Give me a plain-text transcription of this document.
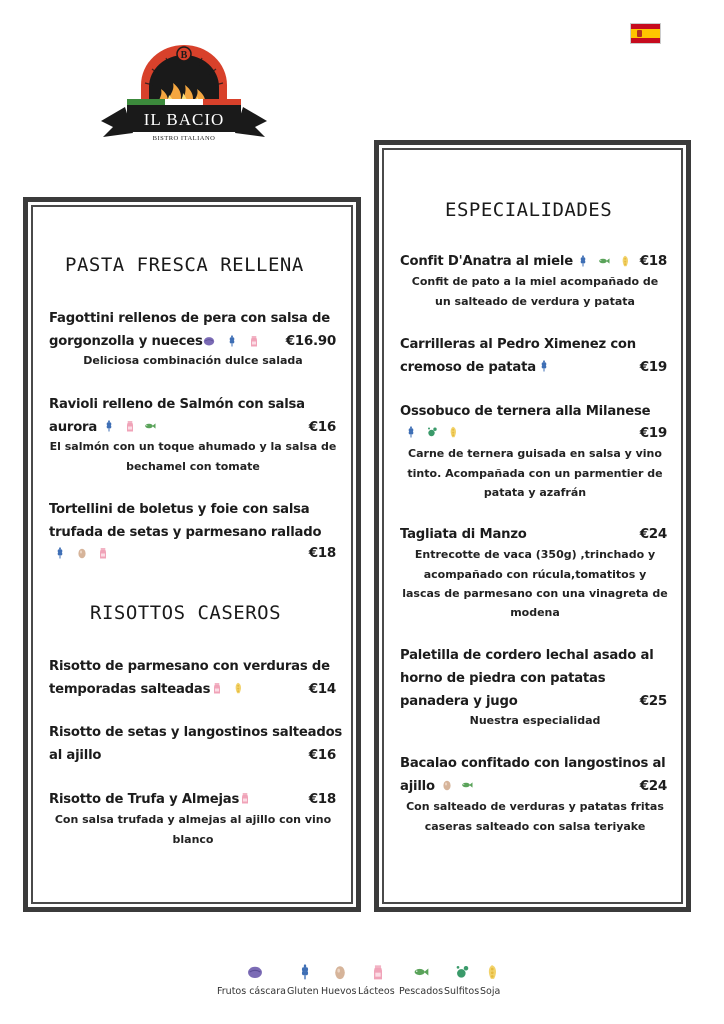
B
IL BACIO
BISTRO ITALIANO
PASTA FRESCA RELLENA
Fagottini rellenos de pera con salsa de
gorgonzolla y nueces	€16.90
Deliciosa combinación dulce salada
Ravioli relleno de Salmón con salsa
aurora	€16
El salmón con un toque ahumado y la salsa de
bechamel con tomate
Tortellini de boletus y foie con salsa
trufada de setas y parmesano rallado
€18
RISOTTOS CASEROS
Risotto de parmesano con verduras de
temporadas salteadas	€14
Risotto de setas y langostinos salteados
al ajillo	€16
Risotto de Trufa y Almejas	€18
Con salsa trufada y almejas al ajillo con vino
blanco
ESPECIALIDADES
Confit D'Anatra al miele	€18
Confit de pato a la miel acompañado de
un salteado de verdura y patata
Carrilleras al Pedro Ximenez con
cremoso de patata	€19
Ossobuco de ternera alla Milanese
€19
Carne de ternera guisada en salsa y vino
tinto. Acompañada con un parmentier de
patata y azafrán
Tagliata di Manzo	€24
Entrecotte de vaca (350g) ,trinchado y
acompañado con rúcula,tomatitos y
lascas de parmesano con una vinagreta de
modena
Paletilla de cordero lechal asado al
horno de piedra con patatas
panadera y jugo	€25
Nuestra especialidad
Bacalao confitado con langostinos al
ajillo	€24
Con salteado de verduras y patatas fritas
caseras salteado con salsa teriyake
Frutos cáscara Gluten Huevos Lácteos Pescados Sulfitos Soja
